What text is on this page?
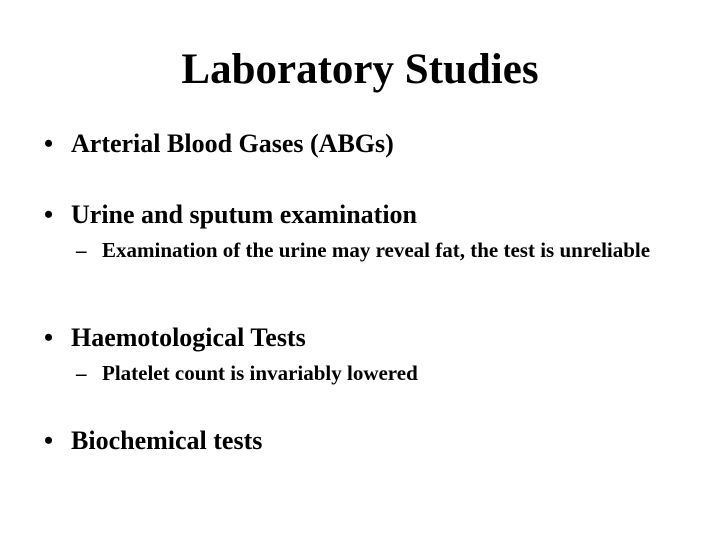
Laboratory Studies
• Arterial Blood Gases (ABGs)
• Urine and sputum examination
– Examination of the urine may reveal fat, the test is unreliable
• Haemotological Tests
– Platelet count is invariably lowered
• Biochemical tests
